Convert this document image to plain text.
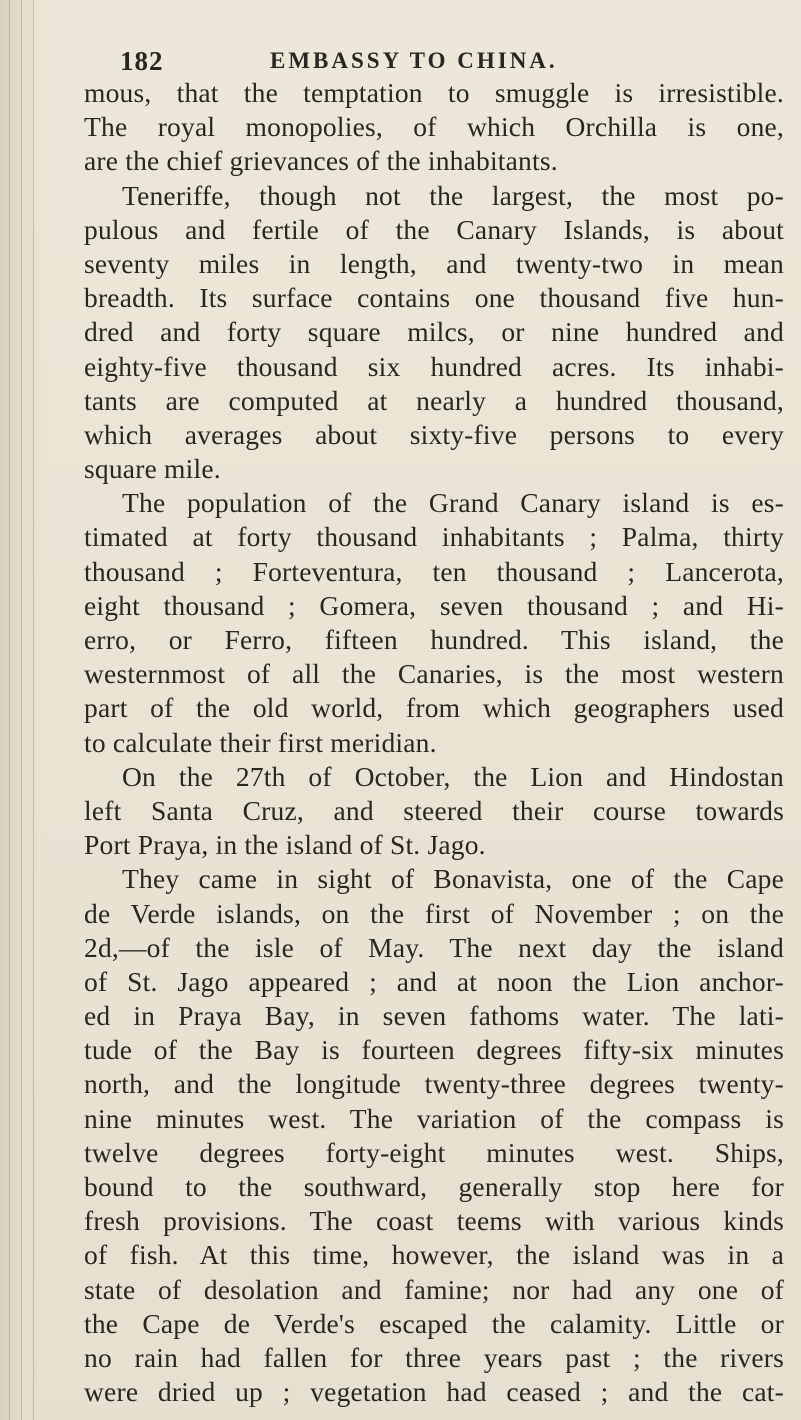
182	EMBASSY TO CHINA.
mous, that the temptation to smuggle is irresistible.
The royal monopolies, of which Orchilla is one,
are the chief grievances of the inhabitants.
Teneriffe, though not the largest, the most po-
pulous and fertile of the Canary Islands, is about
seventy miles in length, and twenty-two in mean
breadth. Its surface contains one thousand five hun-
dred and forty square milcs, or nine hundred and
eighty-five thousand six hundred acres. Its inhabi-
tants are computed at nearly a hundred thousand,
which averages about sixty-five persons to every
square mile.
The population of the Grand Canary island is es-
timated at forty thousand inhabitants ; Palma, thirty
thousand ; Forteventura, ten thousand ; Lancerota,
eight thousand ; Gomera, seven thousand ; and Hi-
erro, or Ferro, fifteen hundred. This island, the
westernmost of all the Canaries, is the most western
part of the old world, from which geographers used
to calculate their first meridian.
On the 27th of October, the Lion and Hindostan
left Santa Cruz, and steered their course towards
Port Praya, in the island of St. Jago.
They came in sight of Bonavista, one of the Cape
de Verde islands, on the first of November ; on the
2d,—of the isle of May. The next day the island
of St. Jago appeared ; and at noon the Lion anchor-
ed in Praya Bay, in seven fathoms water. The lati-
tude of the Bay is fourteen degrees fifty-six minutes
north, and the longitude twenty-three degrees twenty-
nine minutes west. The variation of the compass is
twelve degrees forty-eight minutes west. Ships,
bound to the southward, generally stop here for
fresh provisions. The coast teems with various kinds
of fish. At this time, however, the island was in a
state of desolation and famine; nor had any one of
the Cape de Verde's escaped the calamity. Little or
no rain had fallen for three years past ; the rivers
were dried up ; vegetation had ceased ; and the cat-
